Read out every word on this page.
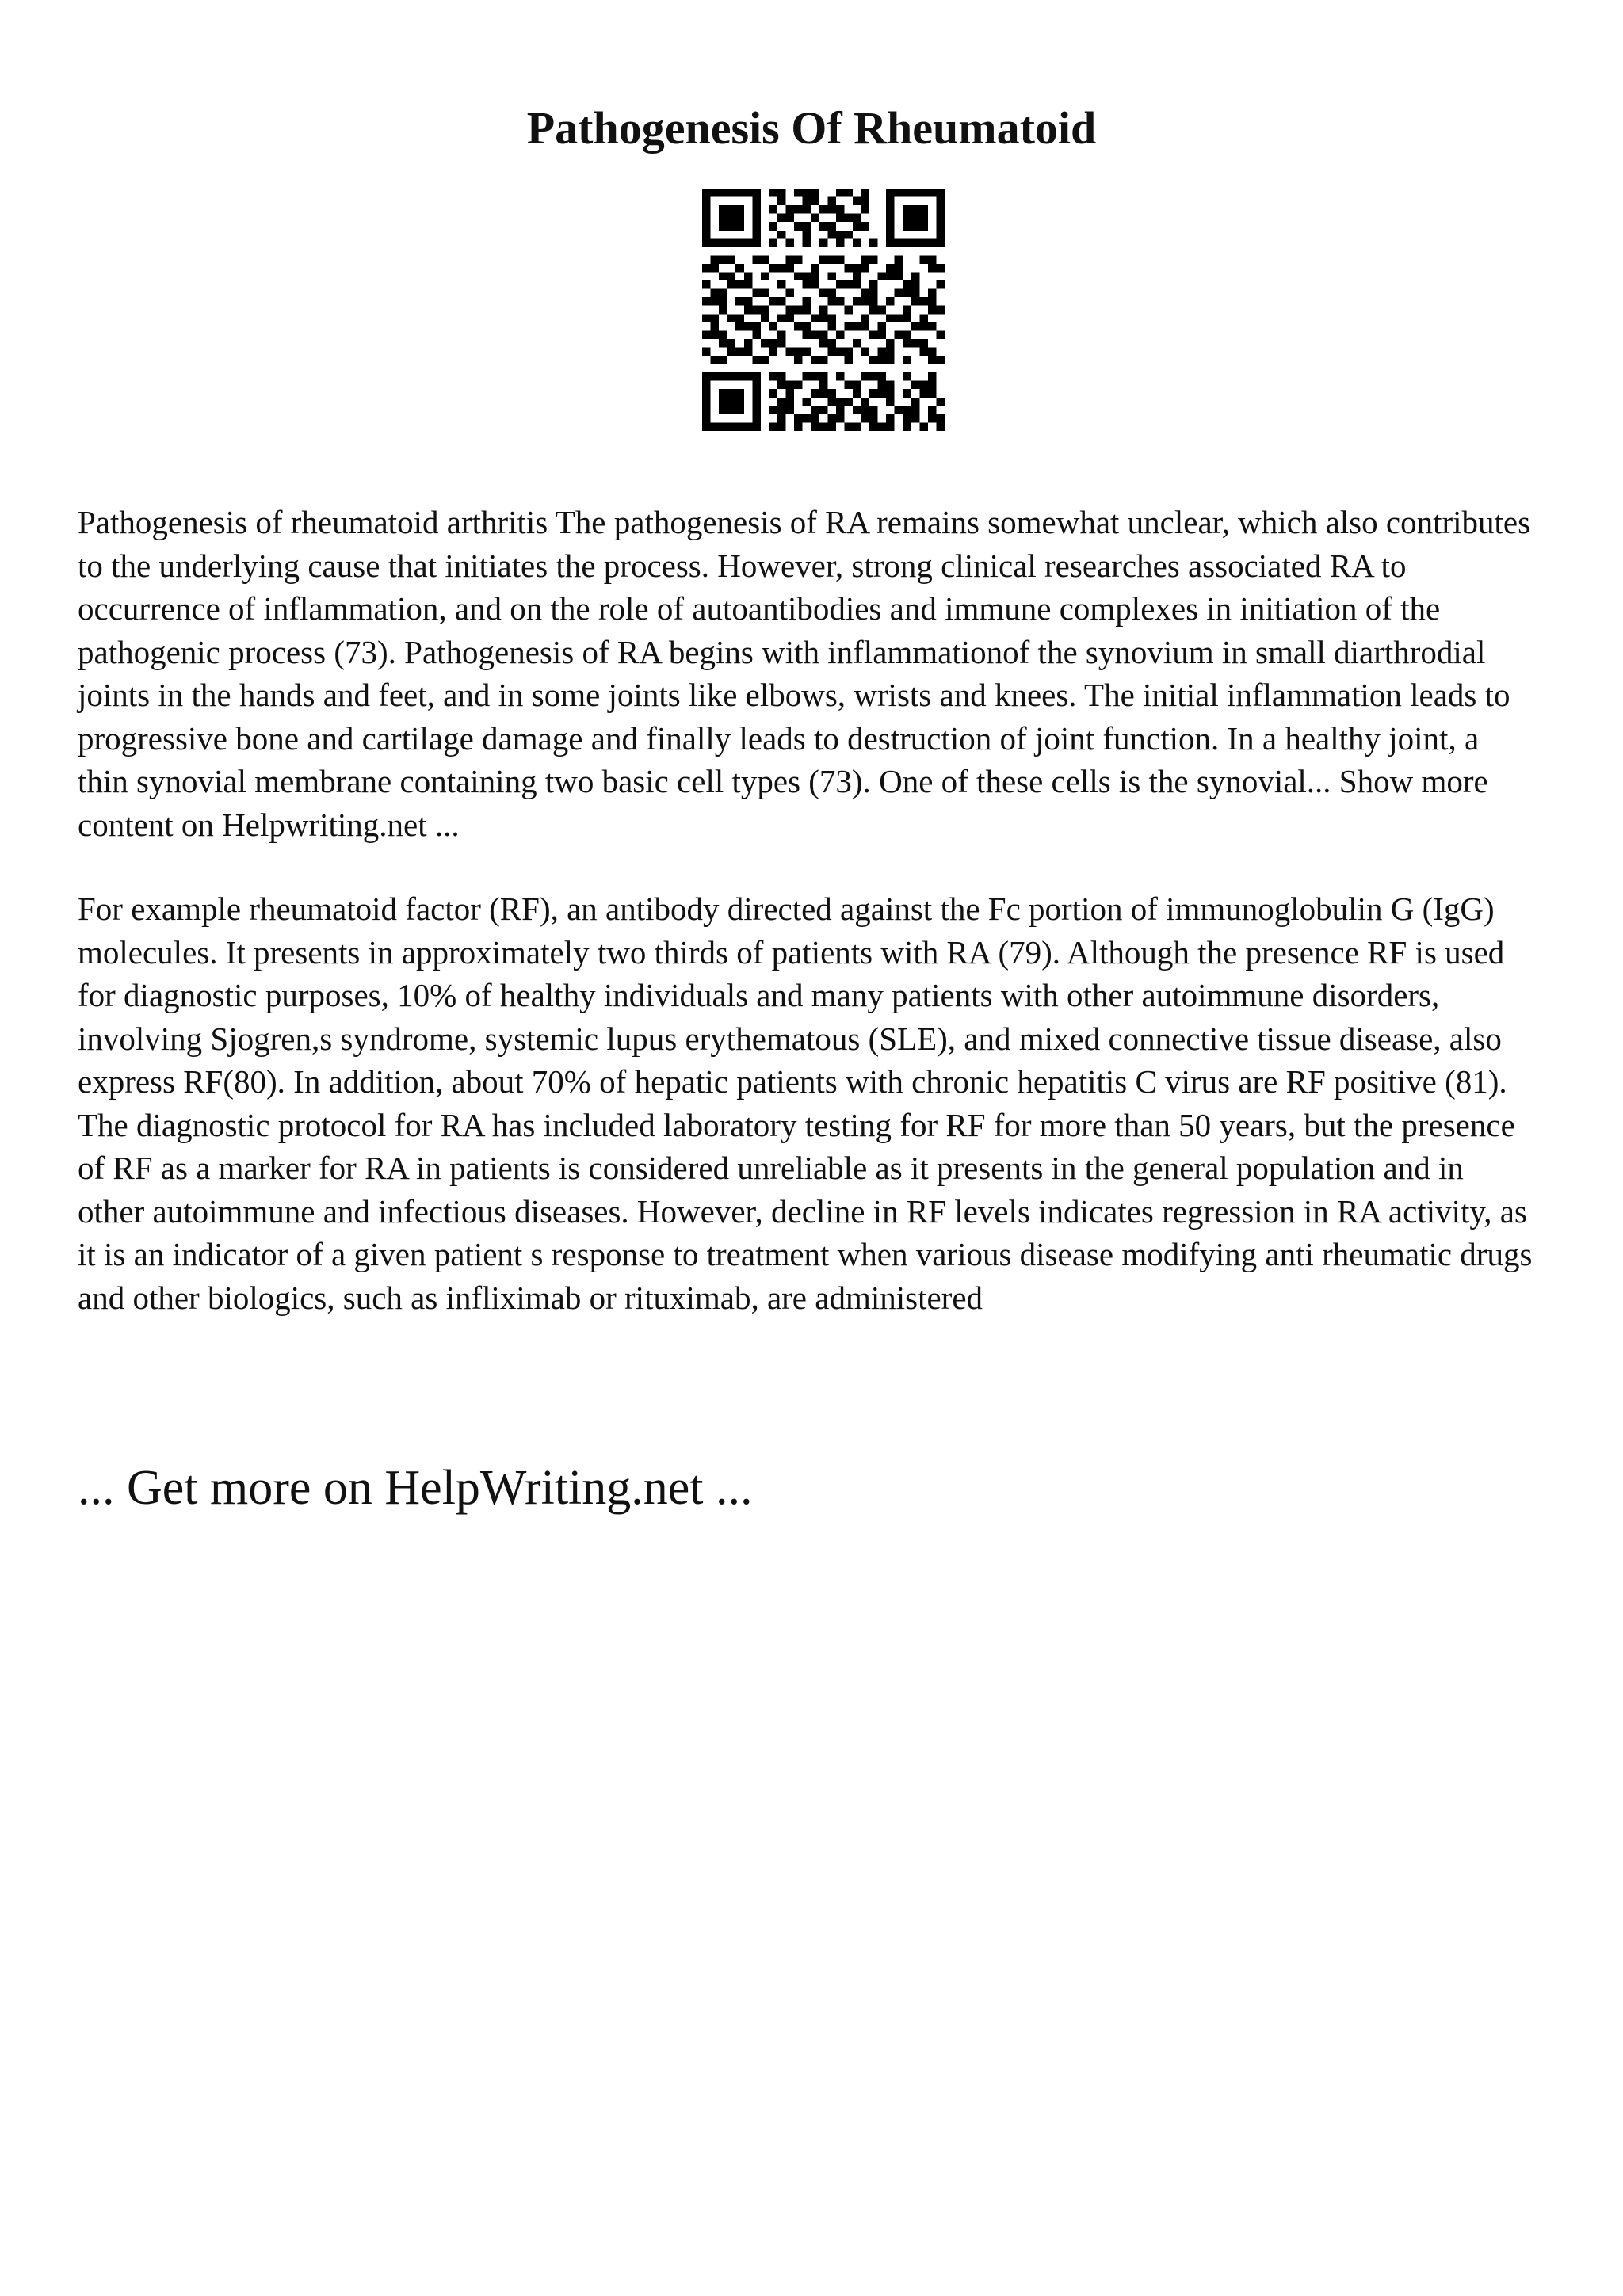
Pathogenesis Of Rheumatoid

Pathogenesis of rheumatoid arthritis The pathogenesis of RA remains somewhat unclear, which also contributes to the underlying cause that initiates the process. However, strong clinical researches associated RA to occurrence of inflammation, and on the role of autoantibodies and immune complexes in initiation of the pathogenic process (73). Pathogenesis of RA begins with inflammationof the synovium in small diarthrodial joints in the hands and feet, and in some joints like elbows, wrists and knees. The initial inflammation leads to progressive bone and cartilage damage and finally leads to destruction of joint function. In a healthy joint, a thin synovial membrane containing two basic cell types (73). One of these cells is the synovial... Show more content on Helpwriting.net ...

For example rheumatoid factor (RF), an antibody directed against the Fc portion of immunoglobulin G (IgG) molecules. It presents in approximately two thirds of patients with RA (79). Although the presence RF is used for diagnostic purposes, 10% of healthy individuals and many patients with other autoimmune disorders, involving Sjogren,s syndrome, systemic lupus erythematous (SLE), and mixed connective tissue disease, also express RF(80). In addition, about 70% of hepatic patients with chronic hepatitis C virus are RF positive (81). The diagnostic protocol for RA has included laboratory testing for RF for more than 50 years, but the presence of RF as a marker for RA in patients is considered unreliable as it presents in the general population and in other autoimmune and infectious diseases. However, decline in RF levels indicates regression in RA activity, as it is an indicator of a given patient s response to treatment when various disease modifying anti rheumatic drugs and other biologics, such as infliximab or rituximab, are administered

... Get more on HelpWriting.net ...
